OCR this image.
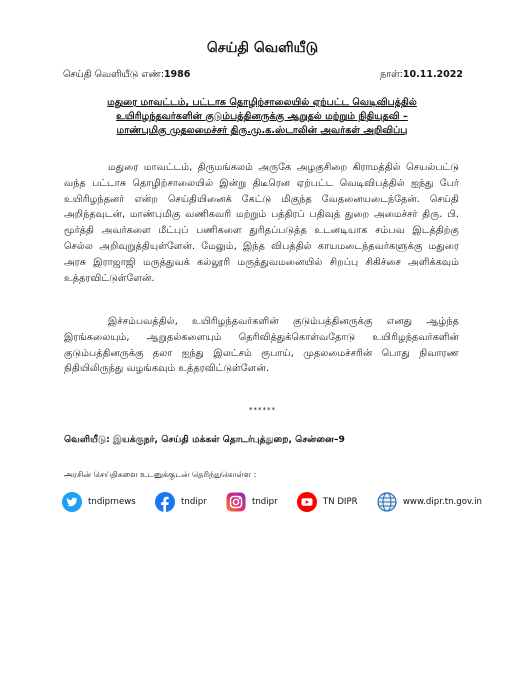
செய்தி வெளியீடு
செய்தி வெளியீடு எண்:1986	நாள்:10.11.2022
மதுரை மாவட்டம், பட்டாசு தொழிற்சாலையில் ஏற்பட்ட வெடிவிபத்தில்
உயிரிழந்தவர்களின் குடும்பத்தினருக்கு ஆறுதல் மற்றும் நிதியுதவி –
மாண்புமிகு முதலமைச்சர் திரு.மு.க.ஸ்டாலின் அவர்கள் அறிவிப்பு

மதுரை மாவட்டம், திருமங்கலம் அருகே அழகுசிறை கிராமத்தில் செயல்பட்டு வந்த பட்டாசு தொழிற்சாலையில் இன்று திடீரென ஏற்பட்ட வெடிவிபத்தில் ஐந்து பேர் உயிரிழந்தனர் என்ற செய்தியினைக் கேட்டு மிகுந்த வேதனையடைந்தேன். செய்தி அறிந்தவுடன், மாண்புமிகு வணிகவரி மற்றும் பத்திரப் பதிவுத் துறை அமைச்சர் திரு. பி. மூர்த்தி அவர்களை மீட்புப் பணிகளை துரிதப்படுத்த உடனடியாக சம்பவ இடத்திற்கு செல்ல அறிவுறுத்தியுள்ளேன். மேலும், இந்த விபத்தில் காயமடைந்தவர்களுக்கு மதுரை அரசு இராஜாஜி மருத்துவக் கல்லூரி மருத்துவமனையில் சிறப்பு சிகிச்சை அளிக்கவும் உத்தரவிட்டுள்ளேன்.

இச்சம்பவத்தில், உயிரிழந்தவர்களின் குடும்பத்தினருக்கு எனது ஆழ்ந்த இரங்கலையும், ஆறுதல்களையும் தெரிவித்துக்கொள்வதோடு உயிரிழந்தவர்களின் குடும்பத்தினருக்கு தலா ஐந்து இலட்சம் ரூபாய், முதலமைச்சரின் பொது நிவாரண நிதியிலிருந்து வழங்கவும் உத்தரவிட்டுள்ளேன்.

******
வெளியீடு: இயக்குநர், செய்தி மக்கள் தொடர்புத்துறை, சென்னை–9
அரசின் செய்திகளை உடனுக்குடன் தெரிந்துகொள்ள :
tndiprnews	tndipr	tndipr	TN DIPR	www.dipr.tn.gov.in
